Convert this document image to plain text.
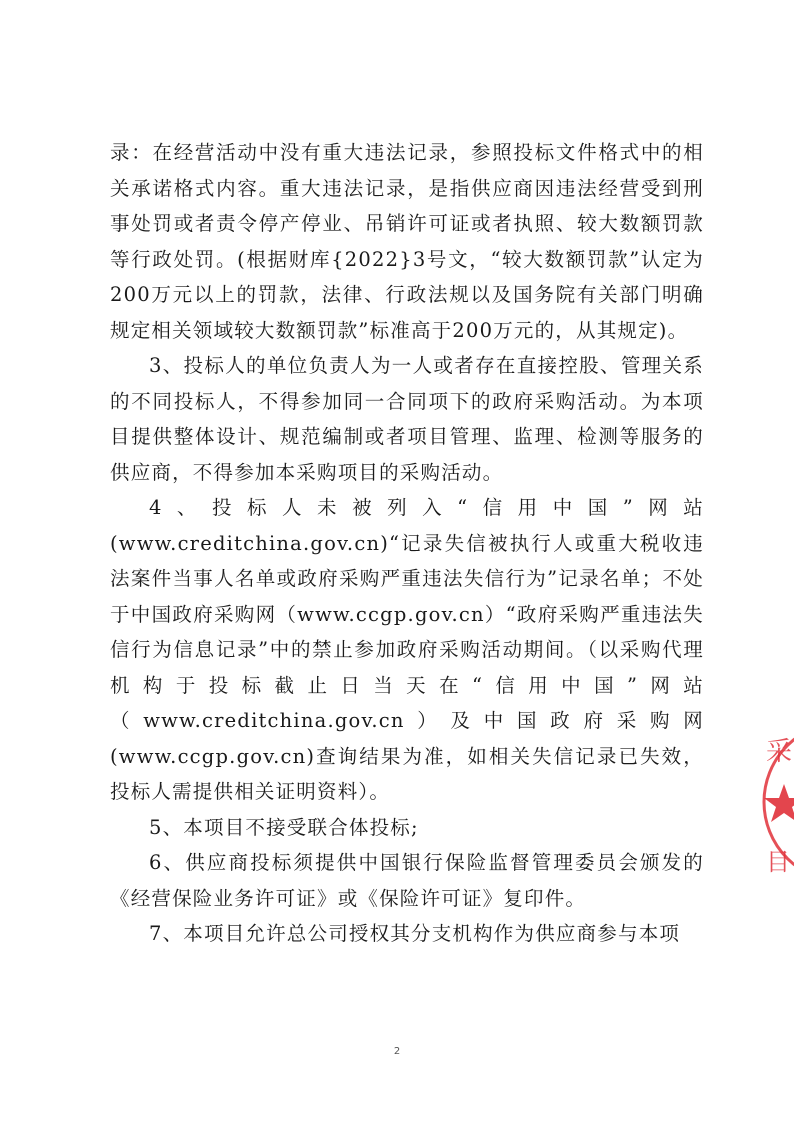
录：在经营活动中没有重大违法记录，参照投标文件格式中的相关承诺格式内容。重大违法记录，是指供应商因违法经营受到刑事处罚或者责令停产停业、吊销许可证或者执照、较大数额罚款等行政处罚。(根据财库{2022}3号文，“较大数额罚款”认定为200万元以上的罚款，法律、行政法规以及国务院有关部门明确规定相关领域较大数额罚款”标准高于200万元的，从其规定)。

3、投标人的单位负责人为一人或者存在直接控股、管理关系的不同投标人，不得参加同一合同项下的政府采购活动。为本项目提供整体设计、规范编制或者项目管理、监理、检测等服务的供应商，不得参加本采购项目的采购活动。

4、投标人未被列入“信用中国”网站(www.creditchina.gov.cn)“记录失信被执行人或重大税收违法案件当事人名单或政府采购严重违法失信行为”记录名单；不处于中国政府采购网（www.ccgp.gov.cn）“政府采购严重违法失信行为信息记录”中的禁止参加政府采购活动期间。（以采购代理机构于投标截止日当天在“信用中国”网站（www.creditchina.gov.cn）及中国政府采购网(www.ccgp.gov.cn)查询结果为准，如相关失信记录已失效，投标人需提供相关证明资料）。

5、本项目不接受联合体投标;

6、供应商投标须提供中国银行保险监督管理委员会颁发的《经营保险业务许可证》或《保险许可证》复印件。

7、本项目允许总公司授权其分支机构作为供应商参与本项

2
采
目
